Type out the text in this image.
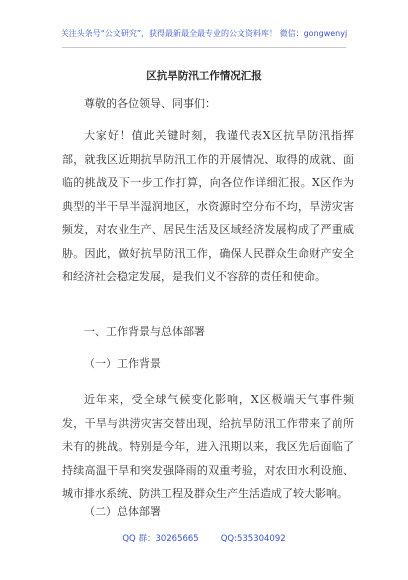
关注头条号“公文研究”，获得最新最全最专业的公文资料库！ 微信：gongwenyj
区抗旱防汛工作情况汇报

尊敬的各位领导、同事们：

大家好！值此关键时刻，我谨代表X区抗旱防汛指挥部，就我区近期抗旱防汛工作的开展情况、取得的成就、面临的挑战及下一步工作打算，向各位作详细汇报。X区作为典型的半干旱半湿润地区，水资源时空分布不均，旱涝灾害频发，对农业生产、居民生活及区域经济发展构成了严重威胁。因此，做好抗旱防汛工作，确保人民群众生命财产安全和经济社会稳定发展，是我们义不容辞的责任和使命。

一、工作背景与总体部署

（一）工作背景

近年来，受全球气候变化影响，X区极端天气事件频发，干旱与洪涝灾害交替出现，给抗旱防汛工作带来了前所未有的挑战。特别是今年，进入汛期以来，我区先后面临了持续高温干旱和突发强降雨的双重考验，对农田水利设施、城市排水系统、防洪工程及群众生产生活造成了较大影响。

（二）总体部署

QQ 群：30265665	QQ:535304092
